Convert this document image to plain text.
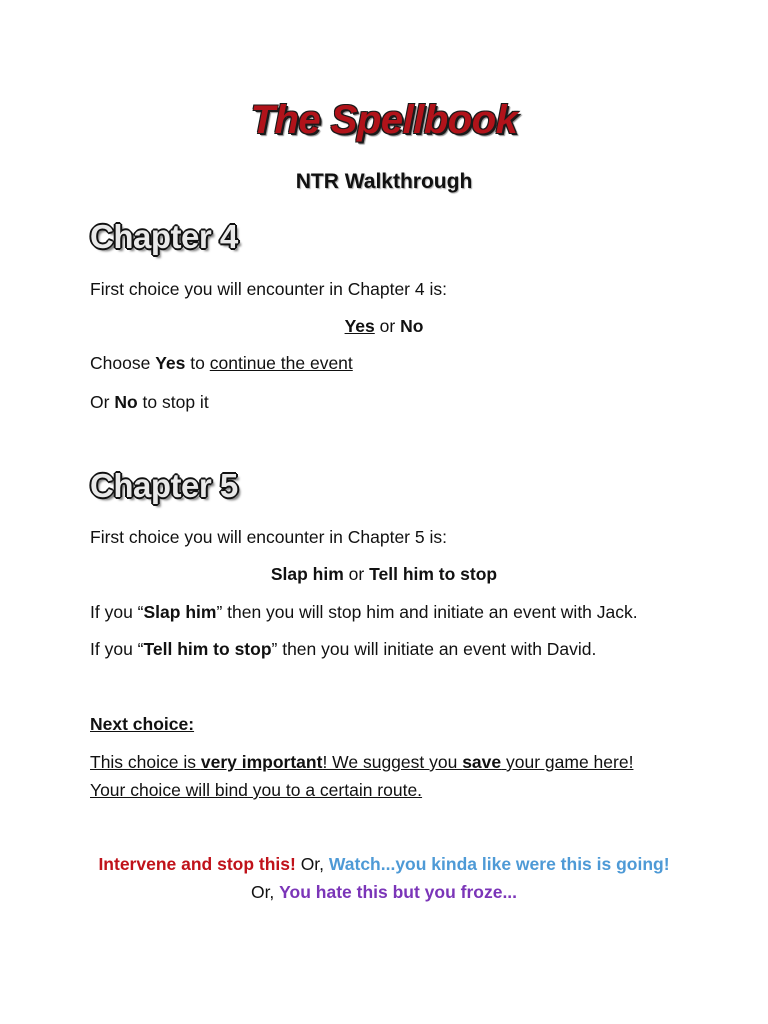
The Spellbook
NTR Walkthrough
Chapter 4
First choice you will encounter in Chapter 4 is:
Yes or No
Choose Yes to continue the event
Or No to stop it
Chapter 5
First choice you will encounter in Chapter 5 is:
Slap him or Tell him to stop
If you “Slap him” then you will stop him and initiate an event with Jack.
If you “Tell him to stop” then you will initiate an event with David.
Next choice:
This choice is very important! We suggest you save your game here!
Your choice will bind you to a certain route.
Intervene and stop this! Or, Watch...you kinda like were this is going!
Or, You hate this but you froze...
